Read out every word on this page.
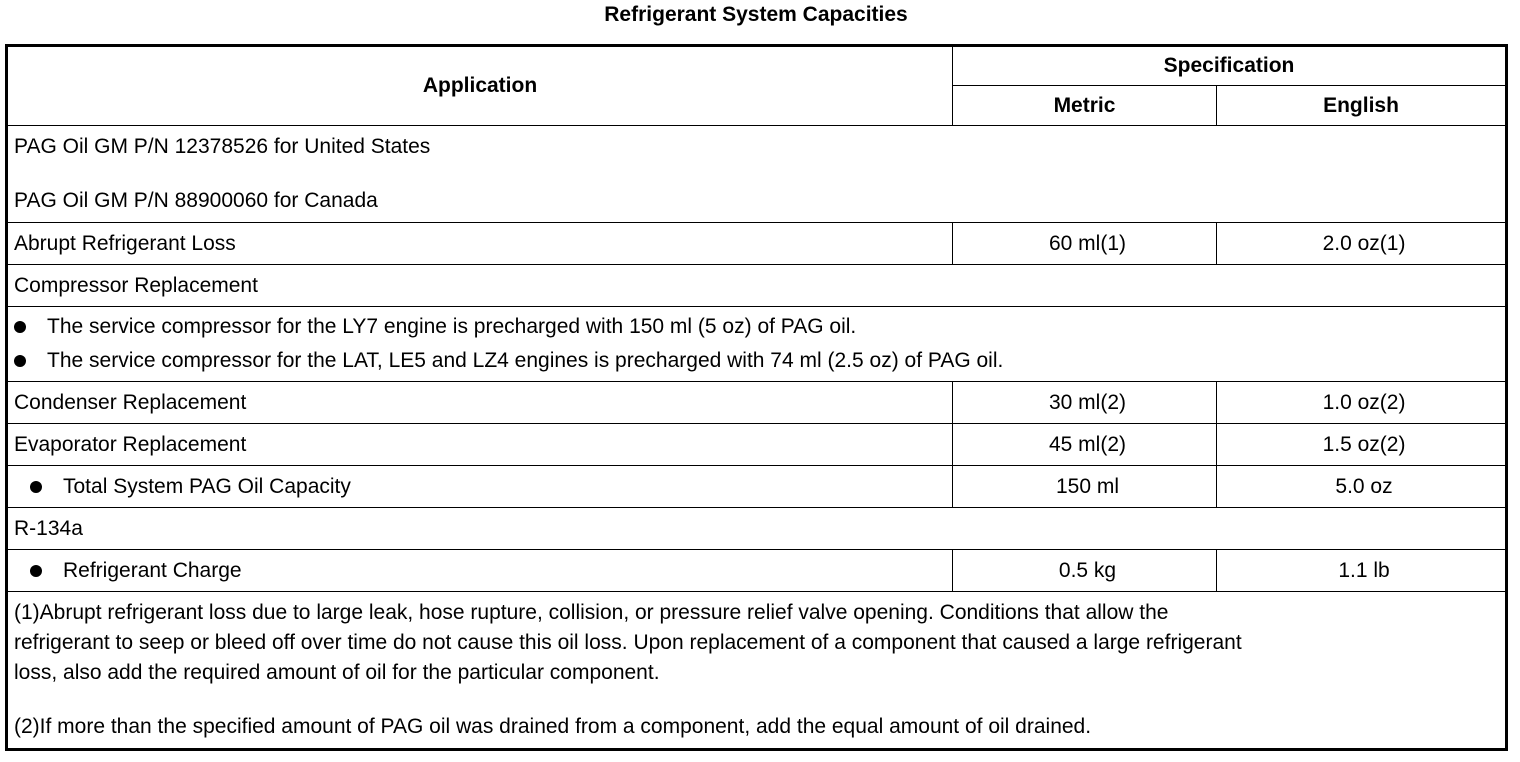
Refrigerant System Capacities
Application	Specification	
	Metric	English

PAG Oil GM P/N 12378526 for United States
PAG Oil GM P/N 88900060 for Canada		

Abrupt Refrigerant Loss	60 ml(1)	2.0 oz(1)
Compressor Replacement		

The service compressor for the LY7 engine is precharged with 150 ml (5 oz) of PAG oil.
The service compressor for the LAT, LE5 and LZ4 engines is precharged with 74 ml (2.5 oz) of PAG oil.		

Condenser Replacement	30 ml(2)	1.0 oz(2)
Evaporator Replacement	45 ml(2)	1.5 oz(2)

Total System PAG Oil Capacity	150 ml	5.0 oz
R-134a		

Refrigerant Charge	0.5 kg	1.1 lb

(1)Abrupt refrigerant loss due to large leak, hose rupture, collision, or pressure relief valve opening. Conditions that allow the
refrigerant to seep or bleed off over time do not cause this oil loss. Upon replacement of a component that caused a large refrigerant
loss, also add the required amount of oil for the particular component.
(2)If more than the specified amount of PAG oil was drained from a component, add the equal amount of oil drained.		
